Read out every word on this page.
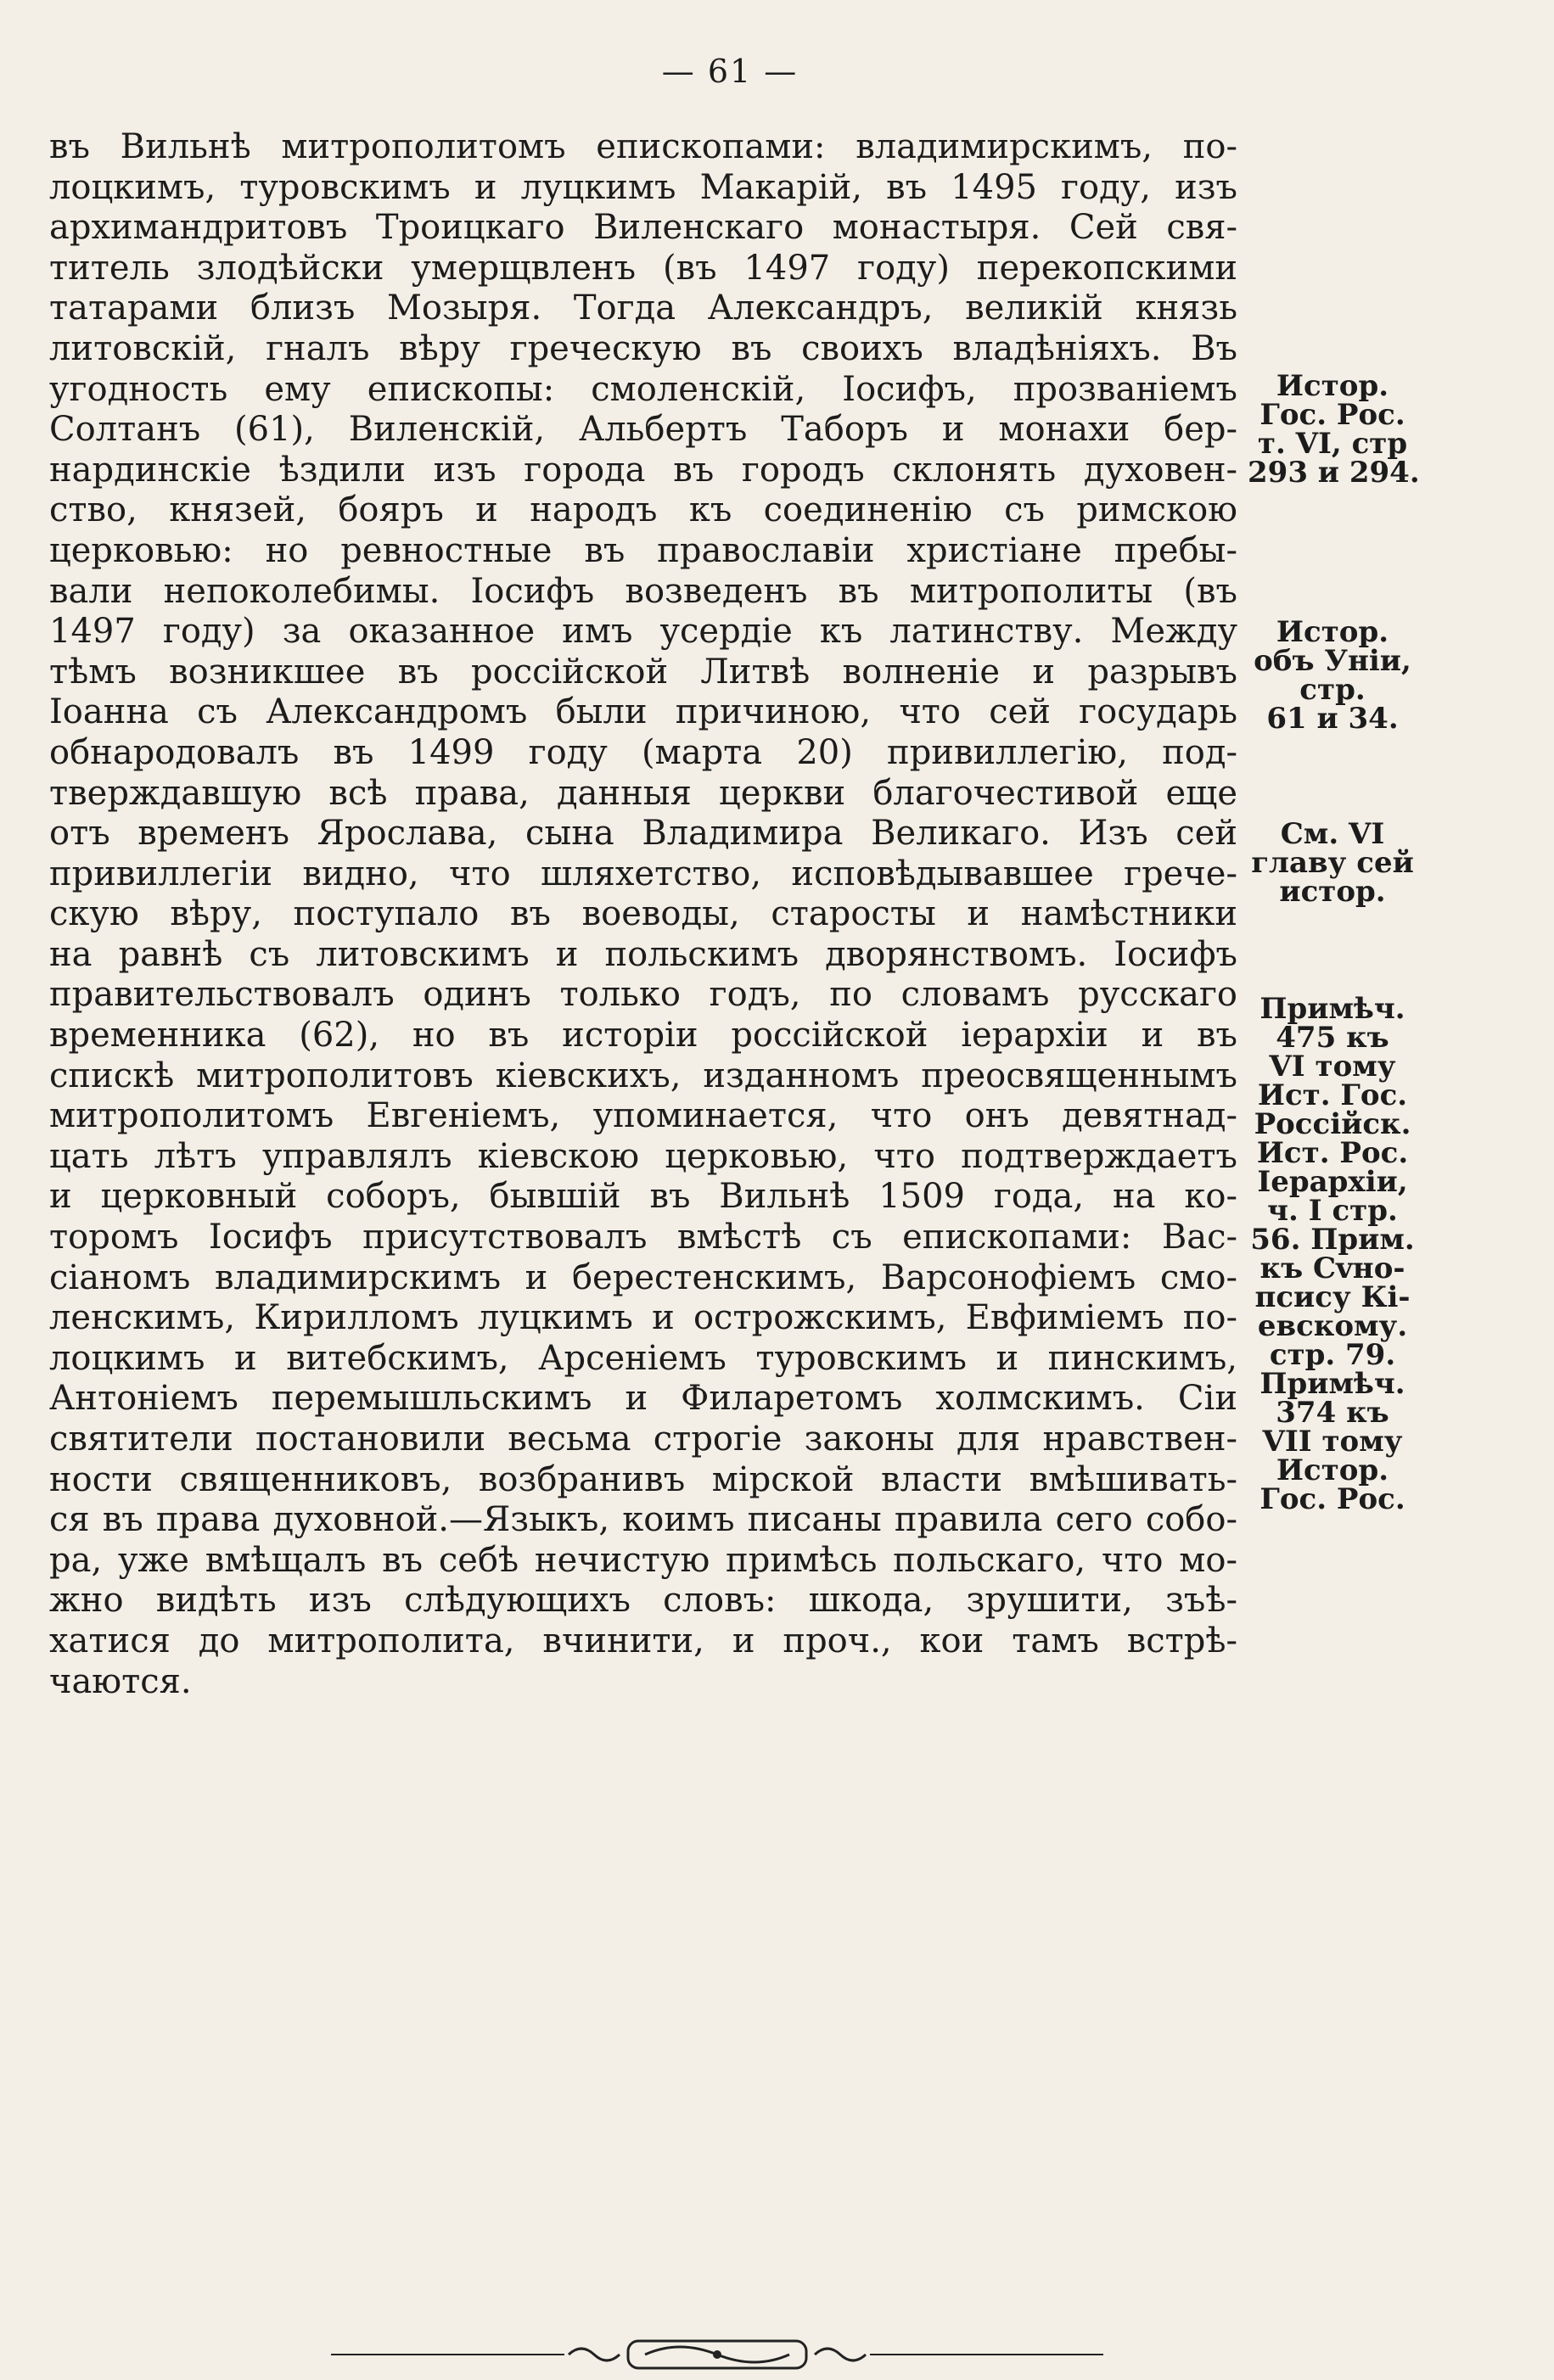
— 61 —
въ Вильнѣ митрополитомъ епископами: владимирскимъ, по-
лоцкимъ, туровскимъ и луцкимъ Макарій, въ 1495 году, изъ
архимандритовъ Троицкаго Виленскаго монастыря. Сей свя-
титель злодѣйски умерщвленъ (въ 1497 году) перекопскими
татарами близъ Мозыря. Тогда Александръ, великій князь
литовскій, гналъ вѣру греческую въ своихъ владѣніяхъ. Въ
угодность ему епископы: смоленскій, Іосифъ, прозваніемъ
Солтанъ (61), Виленскій, Альбертъ Таборъ и монахи бер-
нардинскіе ѣздили изъ города въ городъ склонять духовен-
ство, князей, бояръ и народъ къ соединенію съ римскою
церковью: но ревностные въ православіи христіане пребы-
вали непоколебимы. Іосифъ возведенъ въ митрополиты (въ
1497 году) за оказанное имъ усердіе къ латинству. Между
тѣмъ возникшее въ россійской Литвѣ волненіе и разрывъ
Іоанна съ Александромъ были причиною, что сей государь
обнародовалъ въ 1499 году (марта 20) привиллегію, под-
тверждавшую всѣ права, данныя церкви благочестивой еще
отъ временъ Ярослава, сына Владимира Великаго. Изъ сей
привиллегіи видно, что шляхетство, исповѣдывавшее грече-
скую вѣру, поступало въ воеводы, старосты и намѣстники
на равнѣ съ литовскимъ и польскимъ дворянствомъ. Іосифъ
правительствовалъ одинъ только годъ, по словамъ русскаго
временника (62), но въ исторіи россійской іерархіи и въ
спискѣ митрополитовъ кіевскихъ, изданномъ преосвященнымъ
митрополитомъ Евгеніемъ, упоминается, что онъ девятнад-
цать лѣтъ управлялъ кіевскою церковью, что подтверждаетъ
и церковный соборъ, бывшій въ Вильнѣ 1509 года, на ко-
торомъ Іосифъ присутствовалъ вмѣстѣ съ епископами: Вас-
сіаномъ владимирскимъ и берестенскимъ, Варсонофіемъ смо-
ленскимъ, Кирилломъ луцкимъ и острожскимъ, Евфиміемъ по-
лоцкимъ и витебскимъ, Арсеніемъ туровскимъ и пинскимъ,
Антоніемъ перемышльскимъ и Филаретомъ холмскимъ. Сіи
святители постановили весьма строгіе законы для нравствен-
ности священниковъ, возбранивъ мірской власти вмѣшивать-
ся въ права духовной.—Языкъ, коимъ писаны правила сего собо-
ра, уже вмѣщалъ въ себѣ нечистую примѣсь польскаго, что мо-
жно видѣть изъ слѣдующихъ словъ: шкода, зрушити, зъѣ-
хатися до митрополита, вчинити, и проч., кои тамъ встрѣ-
чаются.
Истор.
Гос. Рос.
т. VI, стр
293 и 294.
Истор.
объ Уніи,
стр.
61 и 34.
См. VI
главу сей
истор.
Примѣч.
475 къ
VI тому
Ист. Гос.
Россійск.
Ист. Рос.
Іерархіи,
ч. I стр.
56. Прим.
къ Сvно-
псису Кі-
евскому.
стр. 79.
Примѣч.
374 къ
VII тому
Истор.
Гос. Рос.
